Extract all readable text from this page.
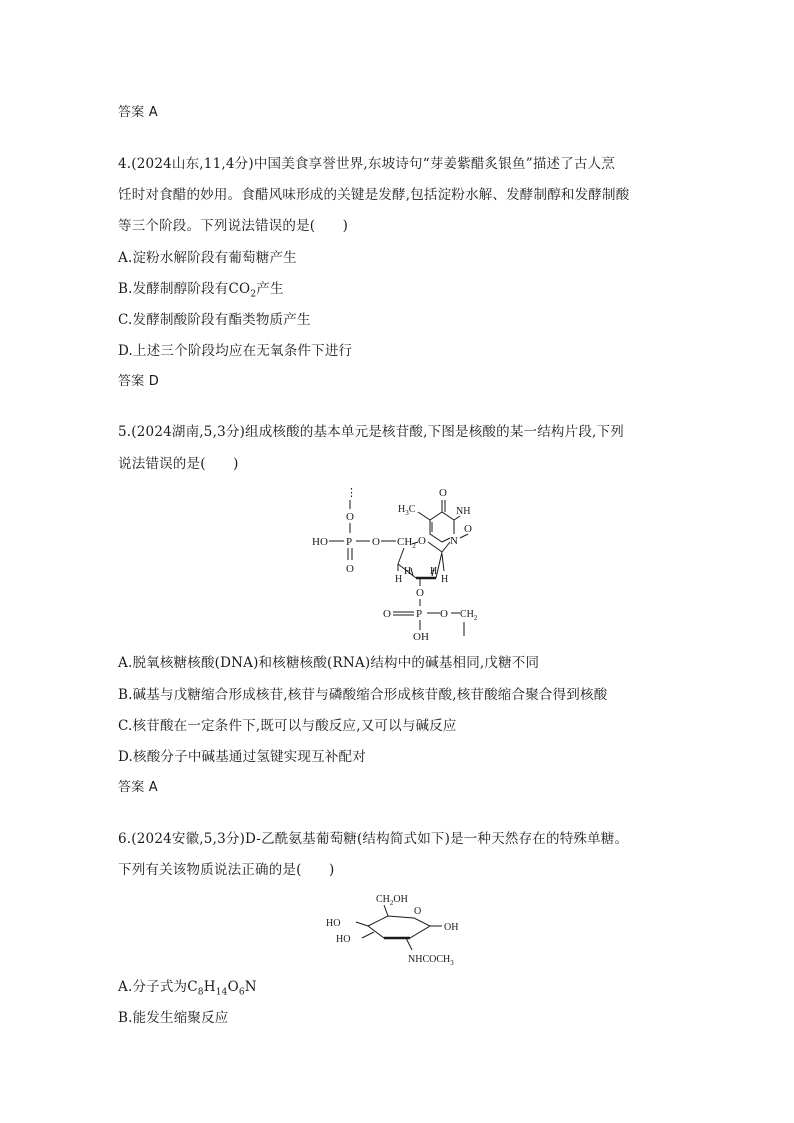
答案 A
4.(2024山东,11,4分)中国美食享誉世界,东坡诗句“芽姜紫醋炙银鱼”描述了古人烹
饪时对食醋的妙用。食醋风味形成的关键是发酵,包括淀粉水解、发酵制醇和发酵制酸
等三个阶段。下列说法错误的是(　　)
A.淀粉水解阶段有葡萄糖产生
B.发酵制醇阶段有$CO_2$产生
C.发酵制酸阶段有酯类物质产生
D.上述三个阶段均应在无氧条件下进行
答案 D
5.(2024湖南,5,3分)组成核酸的基本单元是核苷酸,下图是核酸的某一结构片段,下列
说法错误的是(　　)
⋮
O
HO P O
O
$CH_2$ O
H
H H
H
N
O
NH
O
$H_3C$
O
O P O $CH_2$
OH
A.脱氧核糖核酸(DNA)和核糖核酸(RNA)结构中的碱基相同,戊糖不同
B.碱基与戊糖缩合形成核苷,核苷与磷酸缩合形成核苷酸,核苷酸缩合聚合得到核酸
C.核苷酸在一定条件下,既可以与酸反应,又可以与碱反应
D.核酸分子中碱基通过氢键实现互补配对
答案 A
6.(2024安徽,5,3分)D-乙酰氨基葡萄糖(结构简式如下)是一种天然存在的特殊单糖。
下列有关该物质说法正确的是(　　)
$CH_2OH$
O
HO
HO
OH
$NHCOCH_3$
A.分子式为$C_8H_{14}O_6N$
B.能发生缩聚反应
